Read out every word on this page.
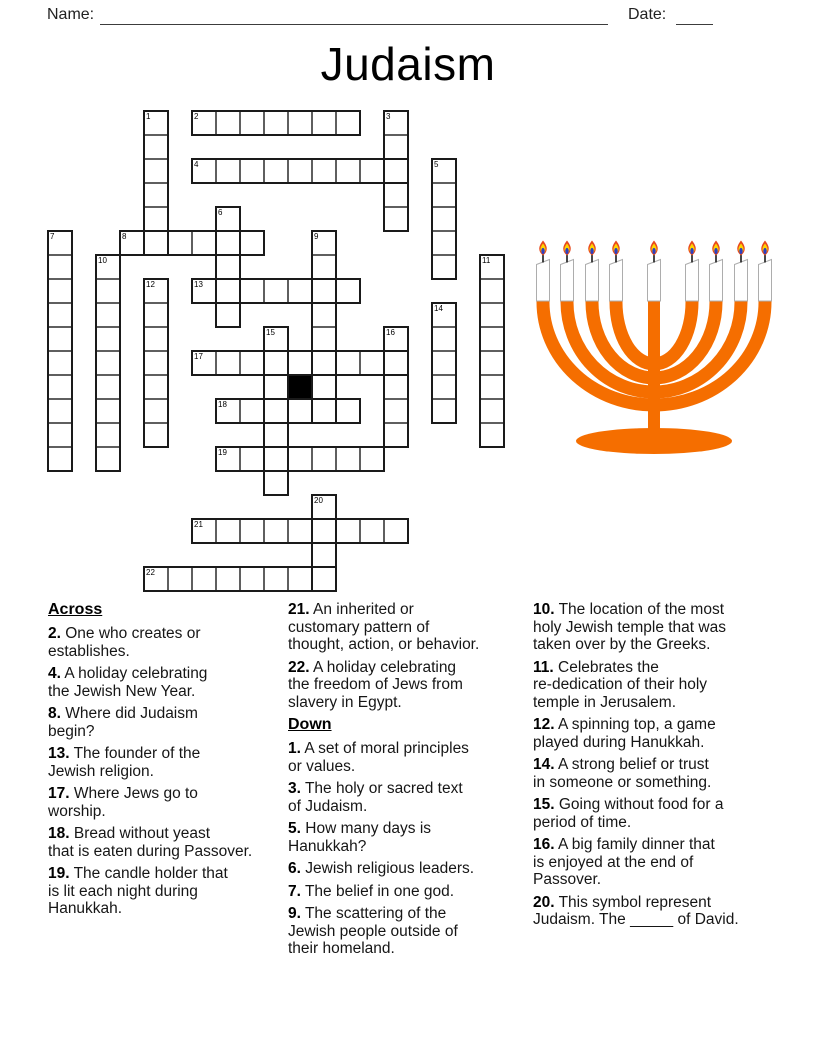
Name:	Date:
Judaism
1	2	3
4	5
6
7	8	9
10	11
12	13
14
15	16
17
18
19
20
21
22
Across

2. One who creates or
establishes.

4. A holiday celebrating
the Jewish New Year.

8. Where did Judaism
begin?

13. The founder of the
Jewish religion.

17. Where Jews go to
worship.

18. Bread without yeast
that is eaten during Passover.

19. The candle holder that
is lit each night during
Hanukkah.

21. An inherited or
customary pattern of
thought, action, or behavior.

22. A holiday celebrating
the freedom of Jews from
slavery in Egypt.

Down

1. A set of moral principles
or values.

3. The holy or sacred text
of Judaism.

5. How many days is
Hanukkah?

6. Jewish religious leaders.

7. The belief in one god.

9. The scattering of the
Jewish people outside of
their homeland.

10. The location of the most
holy Jewish temple that was
taken over by the Greeks.

11. Celebrates the
re-dedication of their holy
temple in Jerusalem.

12. A spinning top, a game
played during Hanukkah.

14. A strong belief or trust
in someone or something.

15. Going without food for a
period of time.

16. A big family dinner that
is enjoyed at the end of
Passover.

20. This symbol represent
Judaism. The _____ of David.
